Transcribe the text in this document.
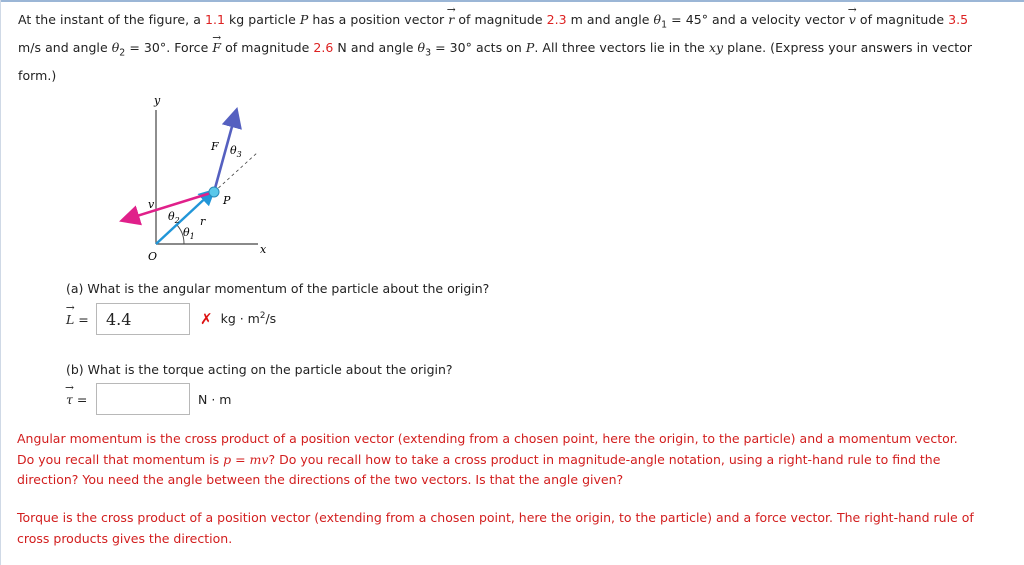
At the instant of the figure, a 1.1 kg particle P has a position vector → r of magnitude 2.3 m and angle $\theta_1 = 45^\circ$ and a velocity vector → v of magnitude 3.5
m/s and angle $\theta_2 = 30^\circ$. Force → F of magnitude 2.6 N and angle $\theta_3 = 30^\circ$ acts on P. All three vectors lie in the xy plane. (Express your answers in vector form.)
y
x
O
P
F
v
r
$\theta_3$
$\theta_2$
$\theta_1$
(a) What is the angular momentum of the particle about the origin?
→ L =	4.4	✗ kg · $m^2/s$
(b) What is the torque acting on the particle about the origin?
→ τ =	N · m
Angular momentum is the cross product of a position vector (extending from a chosen point, here the origin, to the particle) and a momentum vector.
Do you recall that momentum is p = mv? Do you recall how to take a cross product in magnitude-angle notation, using a right-hand rule to find the direction? You need the angle between the directions of the two vectors. Is that the angle given?
Torque is the cross product of a position vector (extending from a chosen point, here the origin, to the particle) and a force vector. The right-hand rule of cross products gives the direction.
